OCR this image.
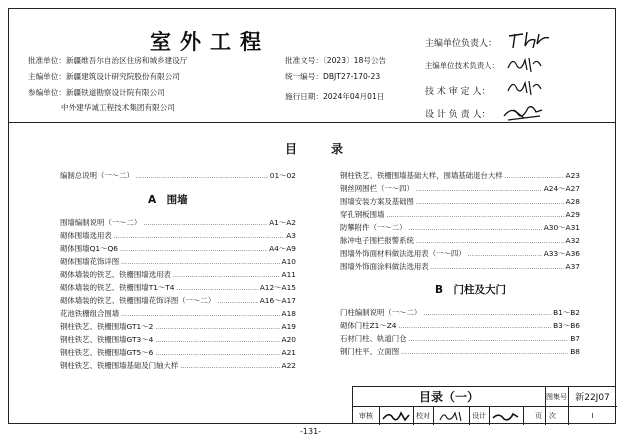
室外工程
批准单位：新疆维吾尔自治区住房和城乡建设厅
主编单位：新疆建筑设计研究院股份有限公司
参编单位：新疆铁道勘察设计院有限公司
中外建华诚工程技术集团有限公司
批准文号：〔2023〕18号公告
统一编号：DBJT27-170-23
施行日期：2024年04月01日
主编单位负责人：
主编单位技术负责人：
技 术 审 定 人：
设 计 负 责 人：
目录
编制总说明（一～二） ……………………………………………………………………………………………………………………………………………………………………………………	01～02
A　围墙
围墙编制说明（一～二） ……………………………………………………………………………………………………………………………………………………………………………………	A1～A2
砌体围墙选用表 ……………………………………………………………………………………………………………………………………………………………………………………	A3
砌体围墙Q1～Q6 ……………………………………………………………………………………………………………………………………………………………………………………	A4～A9
砌体围墙花饰详图 ……………………………………………………………………………………………………………………………………………………………………………………	A10
砌体墙装的铁艺、铁栅围墙选用表 ……………………………………………………………………………………………………………………………………………………………………………………	A11
砌体墙装的铁艺、铁栅围墙T1～T4 ……………………………………………………………………………………………………………………………………………………………………………………	A12～A15
砌体墙装的铁艺、铁栅围墙花饰详图（一～二） ……………………………………………………………………………………………………………………………………………………………………………………	A16～A17
花池铁栅组合围墙 ……………………………………………………………………………………………………………………………………………………………………………………	A18
钢柱铁艺、铁栅围墙GT1～2 ……………………………………………………………………………………………………………………………………………………………………………………	A19
钢柱铁艺、铁栅围墙GT3～4 ……………………………………………………………………………………………………………………………………………………………………………………	A20
钢柱铁艺、铁栅围墙GT5～6 ……………………………………………………………………………………………………………………………………………………………………………………	A21
钢柱铁艺、铁栅围墙基础及门轴大样 ……………………………………………………………………………………………………………………………………………………………………………………	A22
钢柱铁艺、铁栅围墙基础大样，围墙基础退台大样 ……………………………………………………………………………………………………………………………………………………………………………………	A23
钢丝网围栏（一～四） ……………………………………………………………………………………………………………………………………………………………………………………	A24～A27
围墙安装方案及基础图 ……………………………………………………………………………………………………………………………………………………………………………………	A28
穿孔钢板围墙 ……………………………………………………………………………………………………………………………………………………………………………………	A29
防攀附件（一～二） ……………………………………………………………………………………………………………………………………………………………………………………	A30～A31
脉冲电子围栏报警系统 ……………………………………………………………………………………………………………………………………………………………………………………	A32
围墙外饰面材料做法选用表（一～四） ……………………………………………………………………………………………………………………………………………………………………………………	A33～A36
围墙外饰面涂料做法选用表 ……………………………………………………………………………………………………………………………………………………………………………………	A37
B　门柱及大门
门柱编制说明（一～二） ……………………………………………………………………………………………………………………………………………………………………………………	B1～B2
砌体门柱Z1～Z4 ……………………………………………………………………………………………………………………………………………………………………………………	B3～B6
石材门柱、轨道门仓 ……………………………………………………………………………………………………………………………………………………………………………………	B7
钢门柱平、立面图 ……………………………………………………………………………………………………………………………………………………………………………………	B8
目录（一）	图集号 新22J07
审核	校对	设计	页　次	I
-131-
